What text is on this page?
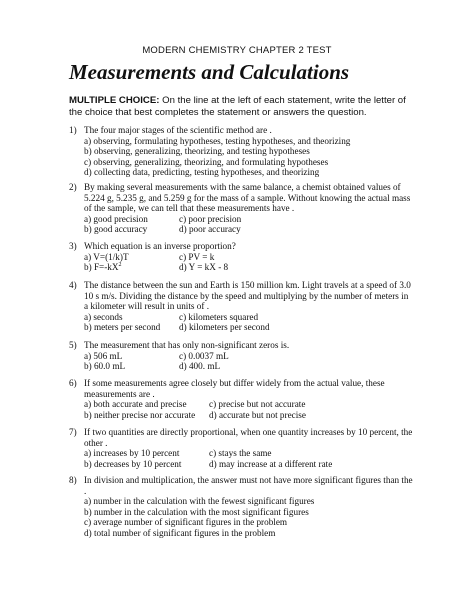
MODERN CHEMISTRY CHAPTER 2 TEST
Measurements and Calculations
MULTIPLE CHOICE: On the line at the left of each statement, write the letter of the choice that best completes the statement or answers the question.
1) The four major stages of the scientific method are .
a) observing, formulating hypotheses, testing hypotheses, and theorizing
b) observing, generalizing, theorizing, and testing hypotheses
c) observing, generalizing, theorizing, and formulating hypotheses
d) collecting data, predicting, testing hypotheses, and theorizing
2) By making several measurements with the same balance, a chemist obtained values of 5.224 g, 5.235 g, and 5.259 g for the mass of a sample. Without knowing the actual mass of the sample, we can tell that these measurements have .
a) good precision	c) poor precision
b) good accuracy	d) poor accuracy
3) Which equation is an inverse proportion?
a) V=(1/k)T	c) PV = k
b) $F=-kX^2$	d) Y = kX - 8
4) The distance between the sun and Earth is 150 million km. Light travels at a speed of 3.0 10 s m/s. Dividing the distance by the speed and multiplying by the number of meters in a kilometer will result in units of .
a) seconds	c) kilometers squared
b) meters per second	d) kilometers per second
5) The measurement that has only non-significant zeros is.
a) 506 mL	c) 0.0037 mL
b) 60.0 mL	d) 400. mL
6) If some measurements agree closely but differ widely from the actual value, these measurements are .
a) both accurate and precise	c) precise but not accurate
b) neither precise nor accurate	d) accurate but not precise
7) If two quantities are directly proportional, when one quantity increases by 10 percent, the other .
a) increases by 10 percent	c) stays the same
b) decreases by 10 percent	d) may increase at a different rate
8) In division and multiplication, the answer must not have more significant figures than the .
a) number in the calculation with the fewest significant figures
b) number in the calculation with the most significant figures
c) average number of significant figures in the problem
d) total number of significant figures in the problem
